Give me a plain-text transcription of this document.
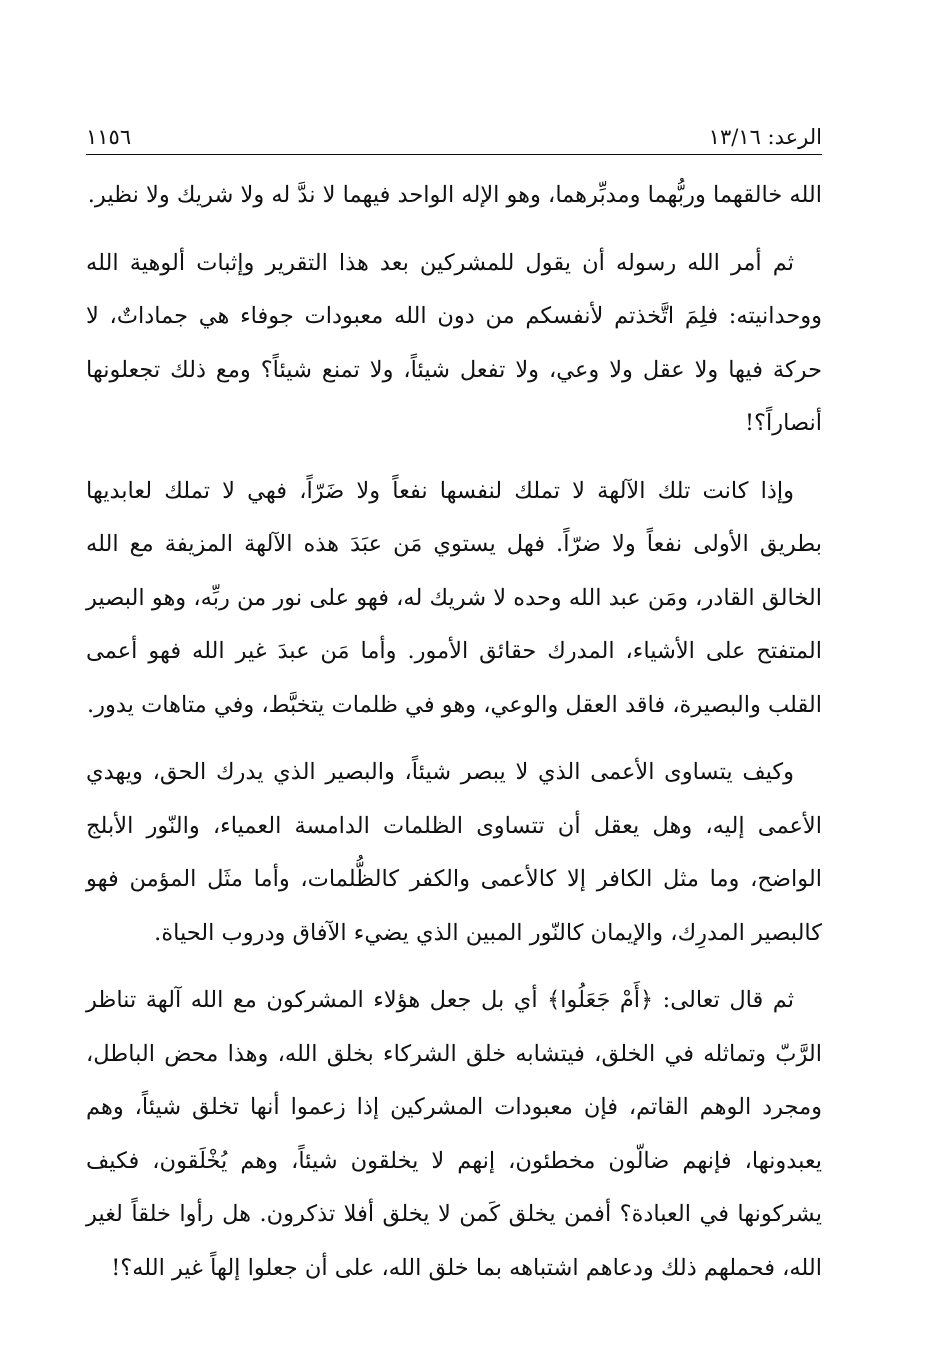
الرعد: ١٣/١٦
١١٥٦

الله خالقهما وربُّهما ومدبِّرهما، وهو الإله الواحد فيهما لا ندَّ له ولا شريك ولا نظير.

ثم أمر الله رسوله أن يقول للمشركين بعد هذا التقرير وإثبات ألوهية الله ووحدانيته: فلِمَ اتَّخذتم لأنفسكم من دون الله معبودات جوفاء هي جماداتٌ، لا حركة فيها ولا عقل ولا وعي، ولا تفعل شيئاً، ولا تمنع شيئاً؟ ومع ذلك تجعلونها أنصاراً؟!

وإذا كانت تلك الآلهة لا تملك لنفسها نفعاً ولا ضَرّاً، فهي لا تملك لعابديها بطريق الأولى نفعاً ولا ضرّاً. فهل يستوي مَن عبَدَ هذه الآلهة المزيفة مع الله الخالق القادر، ومَن عبد الله وحده لا شريك له، فهو على نور من ربِّه، وهو البصير المتفتح على الأشياء، المدرك حقائق الأمور. وأما مَن عبدَ غير الله فهو أعمى القلب والبصيرة، فاقد العقل والوعي، وهو في ظلمات يتخبَّط، وفي متاهات يدور.

وكيف يتساوى الأعمى الذي لا يبصر شيئاً، والبصير الذي يدرك الحق، ويهدي الأعمى إليه، وهل يعقل أن تتساوى الظلمات الدامسة العمياء، والنّور الأبلج الواضح، وما مثل الكافر إلا كالأعمى والكفر كالظُّلمات، وأما مثَل المؤمن فهو كالبصير المدرِك، والإيمان كالنّور المبين الذي يضيء الآفاق ودروب الحياة.

ثم قال تعالى: ﴿أَمْ جَعَلُوا﴾ أي بل جعل هؤلاء المشركون مع الله آلهة تناظر الرَّبّ وتماثله في الخلق، فيتشابه خلق الشركاء بخلق الله، وهذا محض الباطل، ومجرد الوهم القاتم، فإن معبودات المشركين إذا زعموا أنها تخلق شيئاً، وهم يعبدونها، فإنهم ضالّون مخطئون، إنهم لا يخلقون شيئاً، وهم يُخْلَقون، فكيف يشركونها في العبادة؟ أفمن يخلق كَمن لا يخلق أفلا تذكرون. هل رأوا خلقاً لغير الله، فحملهم ذلك ودعاهم اشتباهه بما خلق الله، على أن جعلوا إلهاً غير الله؟!
